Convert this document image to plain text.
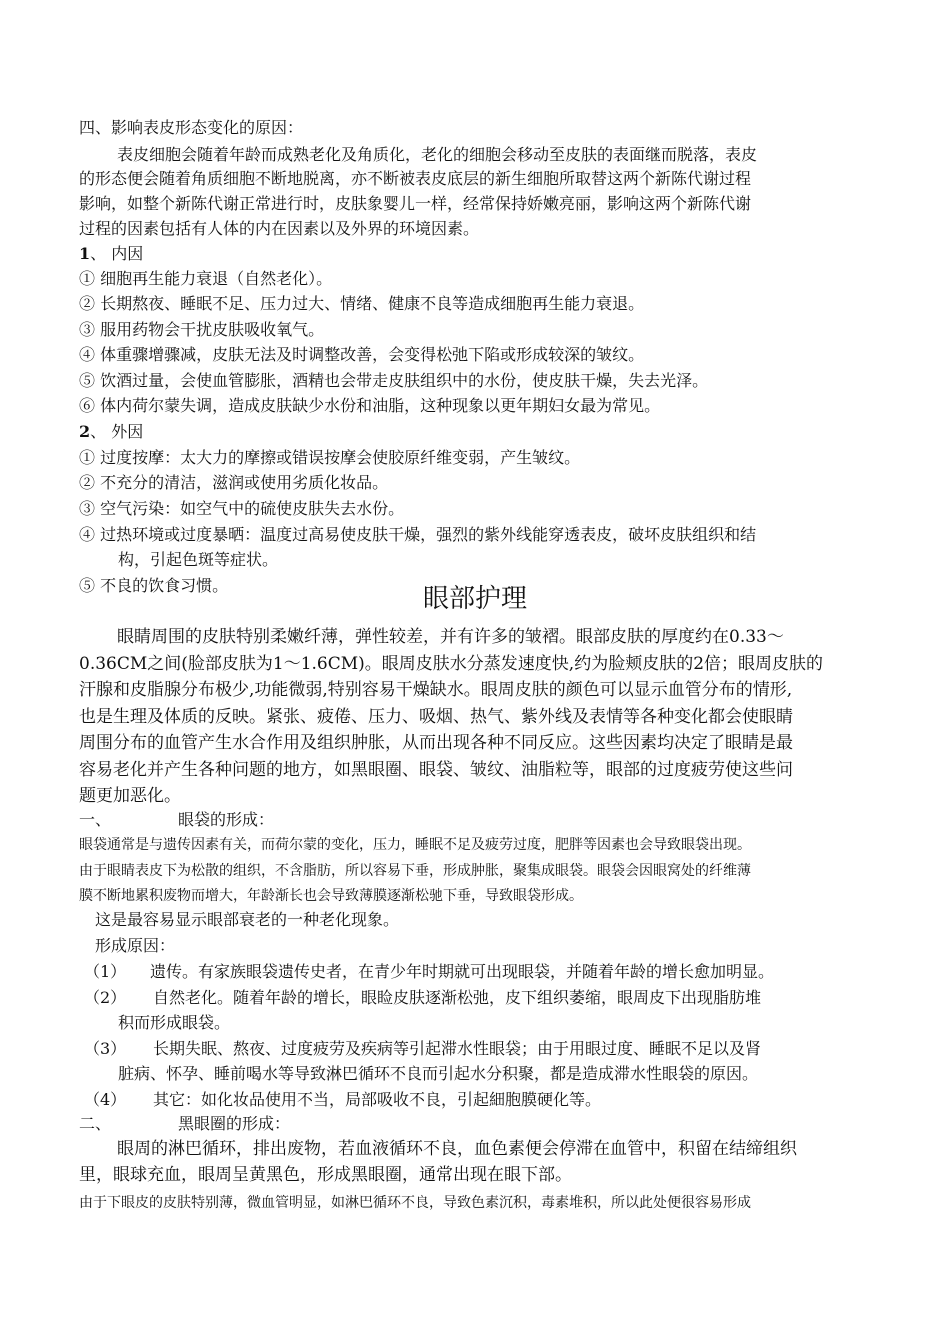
四、影响表皮形态变化的原因：
表皮细胞会随着年龄而成熟老化及角质化，老化的细胞会移动至皮肤的表面继而脱落，表皮
的形态便会随着角质细胞不断地脱离，亦不断被表皮底层的新生细胞所取替这两个新陈代谢过程
影响，如整个新陈代谢正常进行时，皮肤象婴儿一样，经常保持娇嫩亮丽，影响这两个新陈代谢
过程的因素包括有人体的内在因素以及外界的环境因素。
1、 内因
① 细胞再生能力衰退（自然老化）。
② 长期熬夜、睡眠不足、压力过大、情绪、健康不良等造成细胞再生能力衰退。
③ 服用药物会干扰皮肤吸收氧气。
④ 体重骤增骤减，皮肤无法及时调整改善，会变得松弛下陷或形成较深的皱纹。
⑤ 饮酒过量，会使血管膨胀，酒精也会带走皮肤组织中的水份，使皮肤干燥，失去光泽。
⑥ 体内荷尔蒙失调，造成皮肤缺少水份和油脂，这种现象以更年期妇女最为常见。
2、 外因
① 过度按摩：太大力的摩擦或错误按摩会使胶原纤维变弱，产生皱纹。
② 不充分的清洁，滋润或使用劣质化妆品。
③ 空气污染：如空气中的硫使皮肤失去水份。
④ 过热环境或过度暴晒：温度过高易使皮肤干燥，强烈的紫外线能穿透表皮，破坏皮肤组织和结
构，引起色斑等症状。
⑤ 不良的饮食习惯。	眼部护理
眼睛周围的皮肤特别柔嫩纤薄，弹性较差，并有许多的皱褶。眼部皮肤的厚度约在0.33～
0.36CM之间(脸部皮肤为1～1.6CM)。眼周皮肤水分蒸发速度快,约为脸颊皮肤的2倍；眼周皮肤的
汗腺和皮脂腺分布极少,功能微弱,特别容易干燥缺水。眼周皮肤的颜色可以显示血管分布的情形,
也是生理及体质的反映。紧张、疲倦、压力、吸烟、热气、紫外线及表情等各种变化都会使眼睛
周围分布的血管产生水合作用及组织肿胀，从而出现各种不同反应。这些因素均决定了眼睛是最
容易老化并产生各种问题的地方，如黑眼圈、眼袋、皱纹、油脂粒等，眼部的过度疲劳使这些问
题更加恶化。
一、	眼袋的形成：
眼袋通常是与遗传因素有关，而荷尔蒙的变化，压力，睡眠不足及疲劳过度，肥胖等因素也会导致眼袋出现。
由于眼睛表皮下为松散的组织，不含脂肪，所以容易下垂，形成肿胀，聚集成眼袋。眼袋会因眼窝处的纤维薄
膜不断地累积废物而增大，年龄渐长也会导致薄膜逐渐松驰下垂，导致眼袋形成。
这是最容易显示眼部衰老的一种老化现象。
形成原因：
（1） 遗传。有家族眼袋遗传史者，在青少年时期就可出现眼袋，并随着年龄的增长愈加明显。
（2） 自然老化。随着年龄的增长，眼睑皮肤逐渐松弛，皮下组织萎缩，眼周皮下出现脂肪堆
积而形成眼袋。
（3） 长期失眠、熬夜、过度疲劳及疾病等引起滞水性眼袋；由于用眼过度、睡眠不足以及肾
脏病、怀孕、睡前喝水等导致淋巴循环不良而引起水分积聚，都是造成滞水性眼袋的原因。
（4） 其它：如化妆品使用不当，局部吸收不良，引起細胞膜硬化等。
二、	黑眼圈的形成：
眼周的淋巴循环，排出废物，若血液循环不良，血色素便会停滞在血管中，积留在结缔组织
里，眼球充血，眼周呈黄黑色，形成黑眼圈，通常出现在眼下部。
由于下眼皮的皮肤特别薄，微血管明显，如淋巴循环不良，导致色素沉积，毒素堆积，所以此处便很容易形成
